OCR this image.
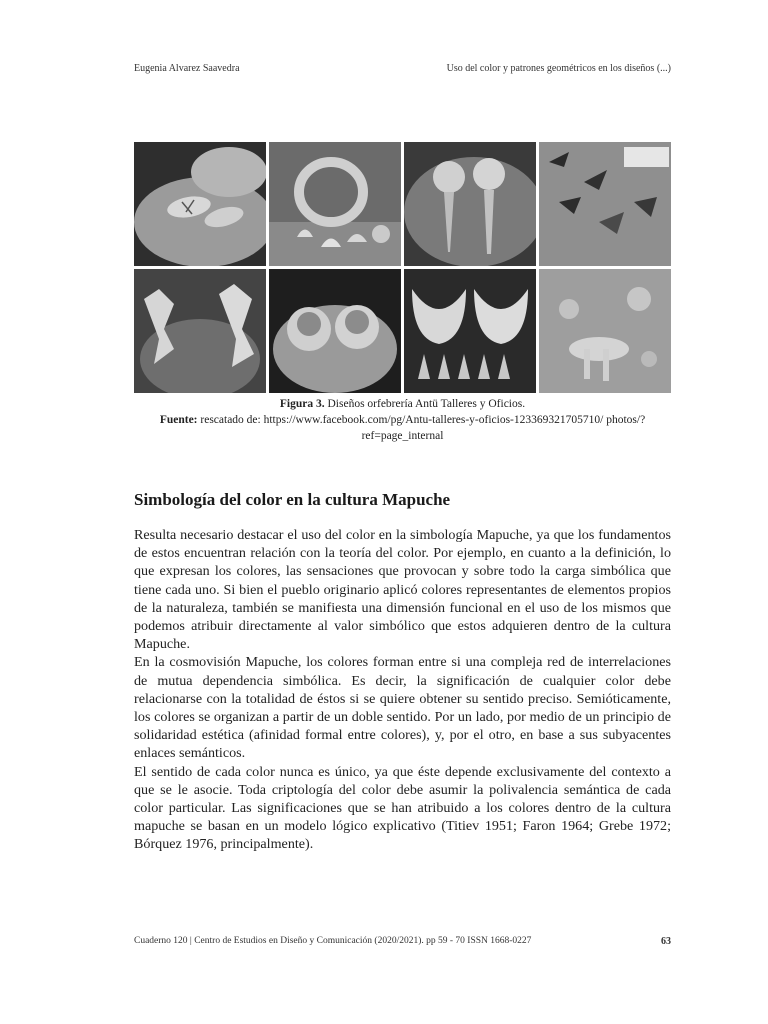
Eugenia Alvarez Saavedra	Uso del color y patrones geométricos en los diseños (...)
Figura 3. Diseños orfebrería Antü Talleres y Oficios.
Fuente: rescatado de: https://www.facebook.com/pg/Antu-talleres-y-oficios-123369321705710/ photos/?ref=page_internal
Simbología del color en la cultura Mapuche

Resulta necesario destacar el uso del color en la simbología Mapuche, ya que los fundamentos de estos encuentran relación con la teoría del color. Por ejemplo, en cuanto a la definición, lo que expresan los colores, las sensaciones que provocan y sobre todo la carga simbólica que tiene cada uno. Si bien el pueblo originario aplicó colores representantes de elementos propios de la naturaleza, también se manifiesta una dimensión funcional en el uso de los mismos que podemos atribuir directamente al valor simbólico que estos adquieren dentro de la cultura Mapuche.

En la cosmovisión Mapuche, los colores forman entre si una compleja red de interrelaciones de mutua dependencia simbólica. Es decir, la significación de cualquier color debe relacionarse con la totalidad de éstos si se quiere obtener su sentido preciso. Semióticamente, los colores se organizan a partir de un doble sentido. Por un lado, por medio de un principio de solidaridad estética (afinidad formal entre colores), y, por el otro, en base a sus subyacentes enlaces semánticos.

El sentido de cada color nunca es único, ya que éste depende exclusivamente del contexto a que se le asocie. Toda criptología del color debe asumir la polivalencia semántica de cada color particular. Las significaciones que se han atribuido a los colores dentro de la cultura mapuche se basan en un modelo lógico explicativo (Titiev 1951; Faron 1964; Grebe 1972; Bórquez 1976, principalmente).

Cuaderno 120 | Centro de Estudios en Diseño y Comunicación (2020/2021). pp 59 - 70 ISSN 1668-0227	63
